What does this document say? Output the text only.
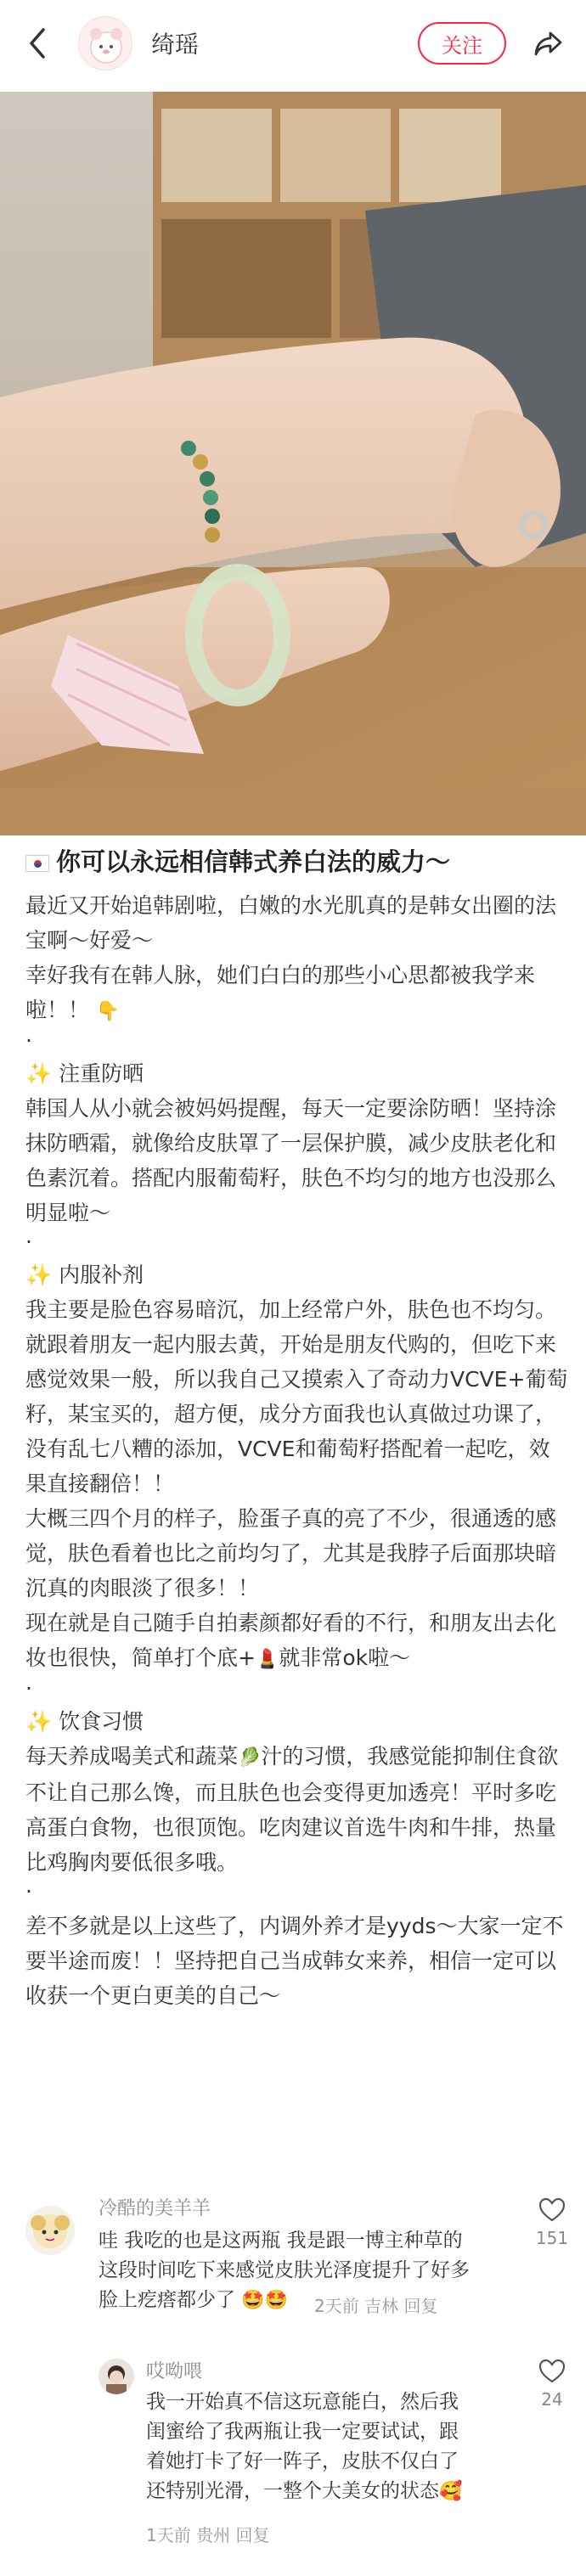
绮瑶	关注
你可以永远相信韩式养白法的威力～
最近又开始追韩剧啦，白嫩的水光肌真的是韩女出圈的法宝啊～好爱～
幸好我有在韩人脉，她们白白的那些小心思都被我学来啦！！ 👇
·
✨ 注重防晒
韩国人从小就会被妈妈提醒，每天一定要涂防晒！坚持涂抹防晒霜，就像给皮肤罩了一层保护膜，减少皮肤老化和色素沉着。搭配内服葡萄籽，肤色不均匀的地方也没那么明显啦～
·
✨ 内服补剂
我主要是脸色容易暗沉，加上经常户外，肤色也不均匀。就跟着朋友一起内服去黄，开始是朋友代购的，但吃下来感觉效果一般，所以我自己又摸索入了奇动力VCVE+葡萄籽，某宝买的，超方便，成分方面我也认真做过功课了，没有乱七八糟的添加，VCVE和葡萄籽搭配着一起吃，效果直接翻倍！！
大概三四个月的样子，脸蛋子真的亮了不少，很通透的感觉，肤色看着也比之前均匀了，尤其是我脖子后面那块暗沉真的肉眼淡了很多！！
现在就是自己随手自拍素颜都好看的不行，和朋友出去化妆也很快，简单打个底+💄就非常ok啦～
·
✨ 饮食习惯
每天养成喝美式和蔬菜🥬汁的习惯，我感觉能抑制住食欲不让自己那么馋，而且肤色也会变得更加透亮！平时多吃高蛋白食物，也很顶饱。吃肉建议首选牛肉和牛排，热量比鸡胸肉要低很多哦。
·
差不多就是以上这些了，内调外养才是yyds～大家一定不要半途而废！！坚持把自己当成韩女来养，相信一定可以收获一个更白更美的自己～
冷酷的美羊羊
哇 我吃的也是这两瓶 我是跟一博主种草的
这段时间吃下来感觉皮肤光泽度提升了好多
脸上疙瘩都少了 🤩🤩	2天前 吉林 回复
151
哎呦喂
我一开始真不信这玩意能白，然后我
闺蜜给了我两瓶让我一定要试试，跟
着她打卡了好一阵子，皮肤不仅白了
还特别光滑，一整个大美女的状态🥰
1天前 贵州 回复
24
